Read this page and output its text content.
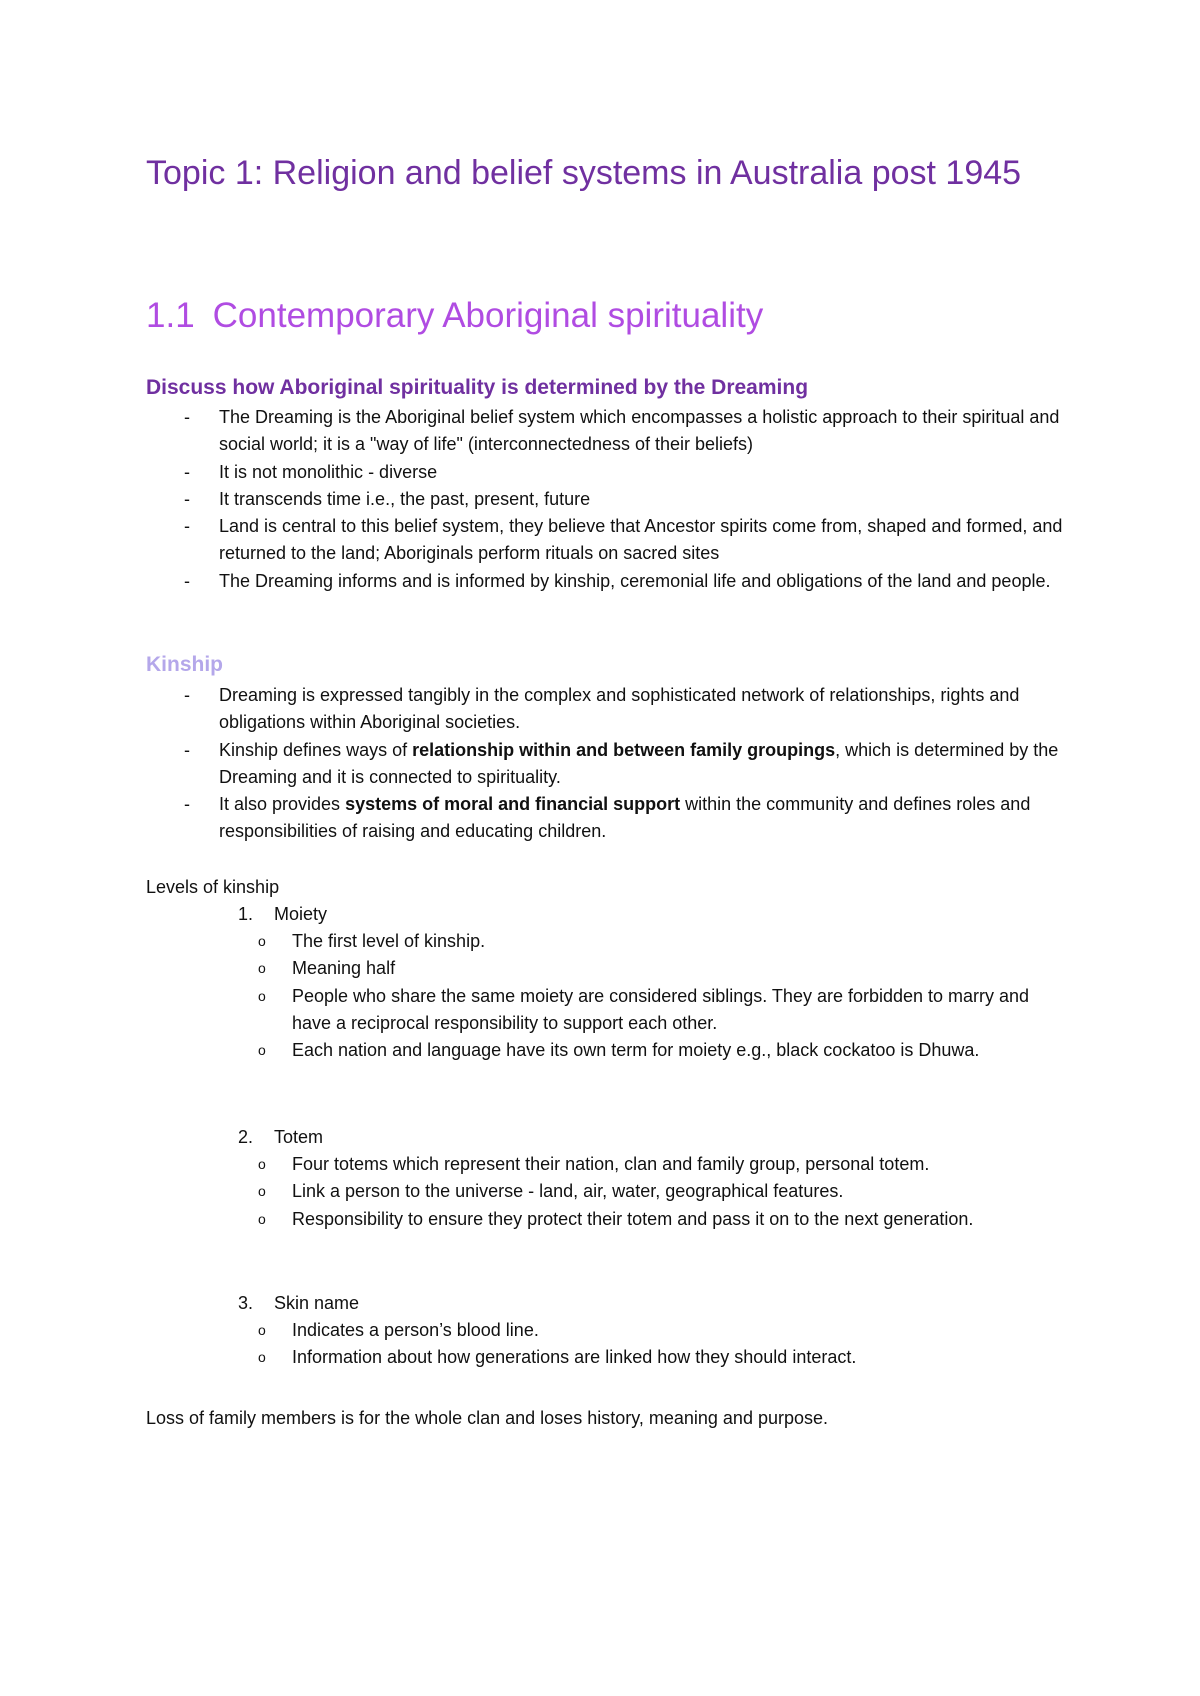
Topic 1: Religion and belief systems in Australia post 1945
1.1 Contemporary Aboriginal spirituality
Discuss how Aboriginal spirituality is determined by the Dreaming
- The Dreaming is the Aboriginal belief system which encompasses a holistic approach to their spiritual and social world; it is a "way of life" (interconnectedness of their beliefs)
- It is not monolithic - diverse
- It transcends time i.e., the past, present, future
- Land is central to this belief system, they believe that Ancestor spirits come from, shaped and formed, and returned to the land; Aboriginals perform rituals on sacred sites
- The Dreaming informs and is informed by kinship, ceremonial life and obligations of the land and people.
Kinship
- Dreaming is expressed tangibly in the complex and sophisticated network of relationships, rights and obligations within Aboriginal societies.
- Kinship defines ways of relationship within and between family groupings, which is determined by the Dreaming and it is connected to spirituality.
- It also provides systems of moral and financial support within the community and defines roles and responsibilities of raising and educating children.

Levels of kinship

1. Moiety
o The first level of kinship.
o Meaning half
o People who share the same moiety are considered siblings. They are forbidden to marry and have a reciprocal responsibility to support each other.
o Each nation and language have its own term for moiety e.g., black cockatoo is Dhuwa.
2. Totem
o Four totems which represent their nation, clan and family group, personal totem.
o Link a person to the universe - land, air, water, geographical features.
o Responsibility to ensure they protect their totem and pass it on to the next generation.
3. Skin name
o Indicates a person’s blood line.
o Information about how generations are linked how they should interact.

Loss of family members is for the whole clan and loses history, meaning and purpose.
